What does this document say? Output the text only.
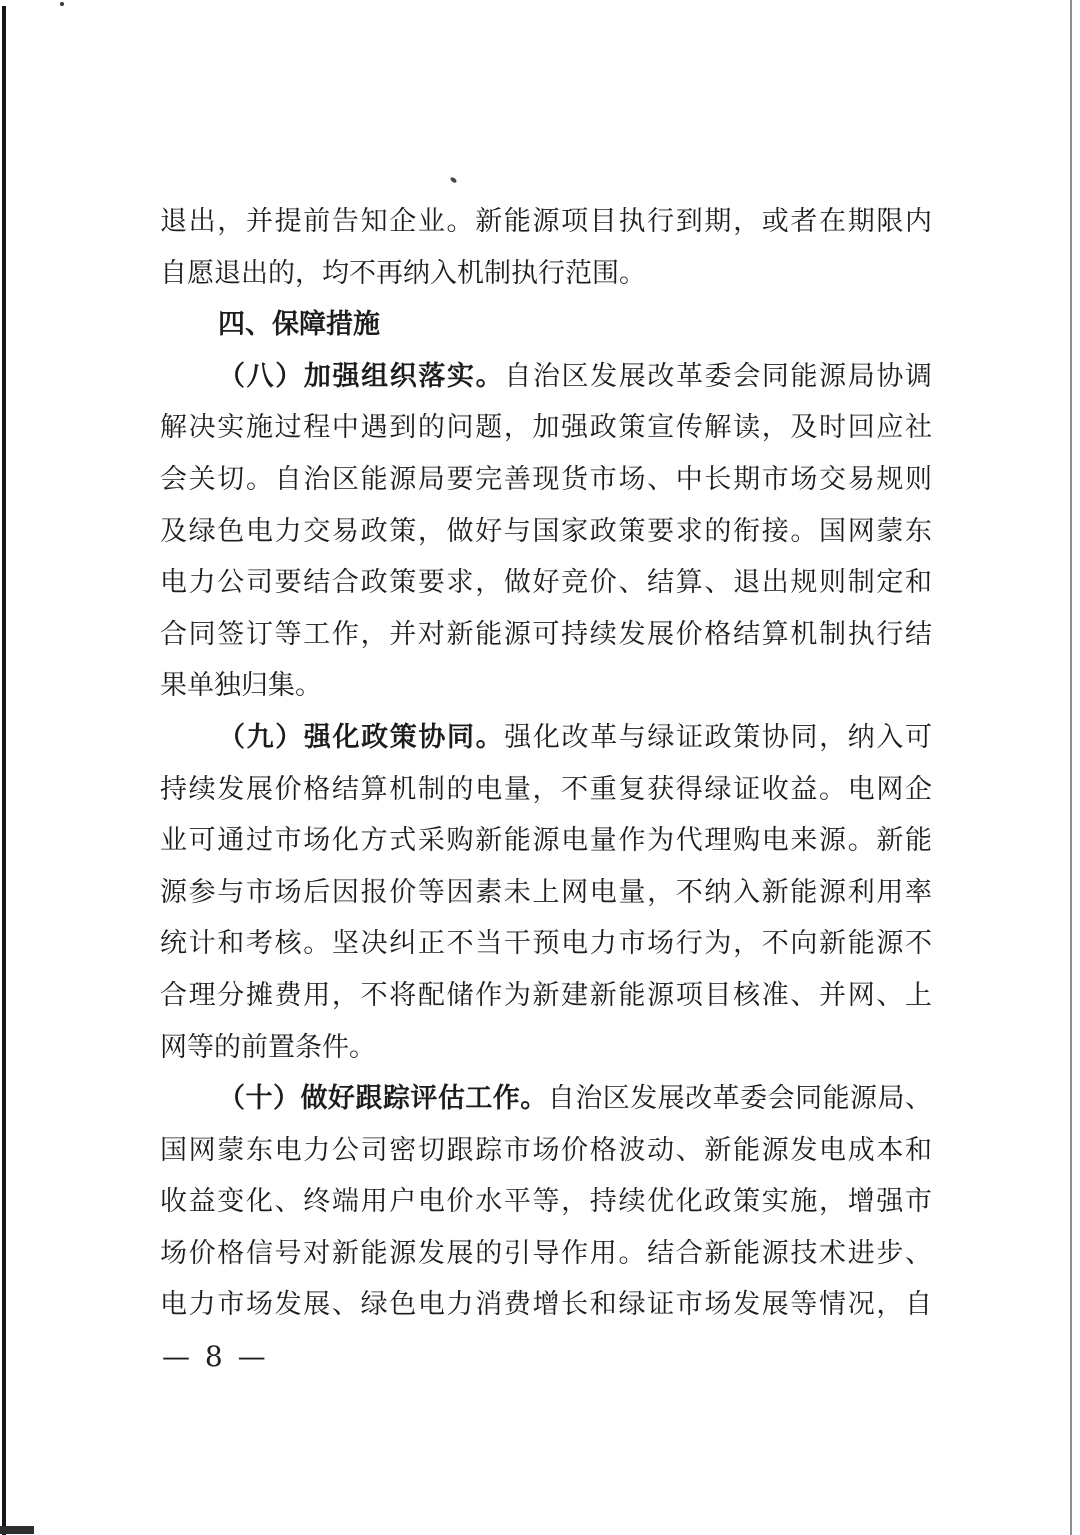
退出，并提前告知企业。新能源项目执行到期，或者在期限内
自愿退出的，均不再纳入机制执行范围。
四、保障措施
（八）加强组织落实。自治区发展改革委会同能源局协调
解决实施过程中遇到的问题，加强政策宣传解读，及时回应社
会关切。自治区能源局要完善现货市场、中长期市场交易规则
及绿色电力交易政策，做好与国家政策要求的衔接。国网蒙东
电力公司要结合政策要求，做好竞价、结算、退出规则制定和
合同签订等工作，并对新能源可持续发展价格结算机制执行结
果单独归集。
（九）强化政策协同。强化改革与绿证政策协同，纳入可
持续发展价格结算机制的电量，不重复获得绿证收益。电网企
业可通过市场化方式采购新能源电量作为代理购电来源。新能
源参与市场后因报价等因素未上网电量，不纳入新能源利用率
统计和考核。坚决纠正不当干预电力市场行为，不向新能源不
合理分摊费用，不将配储作为新建新能源项目核准、并网、上
网等的前置条件。
（十）做好跟踪评估工作。自治区发展改革委会同能源局、
国网蒙东电力公司密切跟踪市场价格波动、新能源发电成本和
收益变化、终端用户电价水平等，持续优化政策实施，增强市
场价格信号对新能源发展的引导作用。结合新能源技术进步、
电力市场发展、绿色电力消费增长和绿证市场发展等情况，自
— 8 —
